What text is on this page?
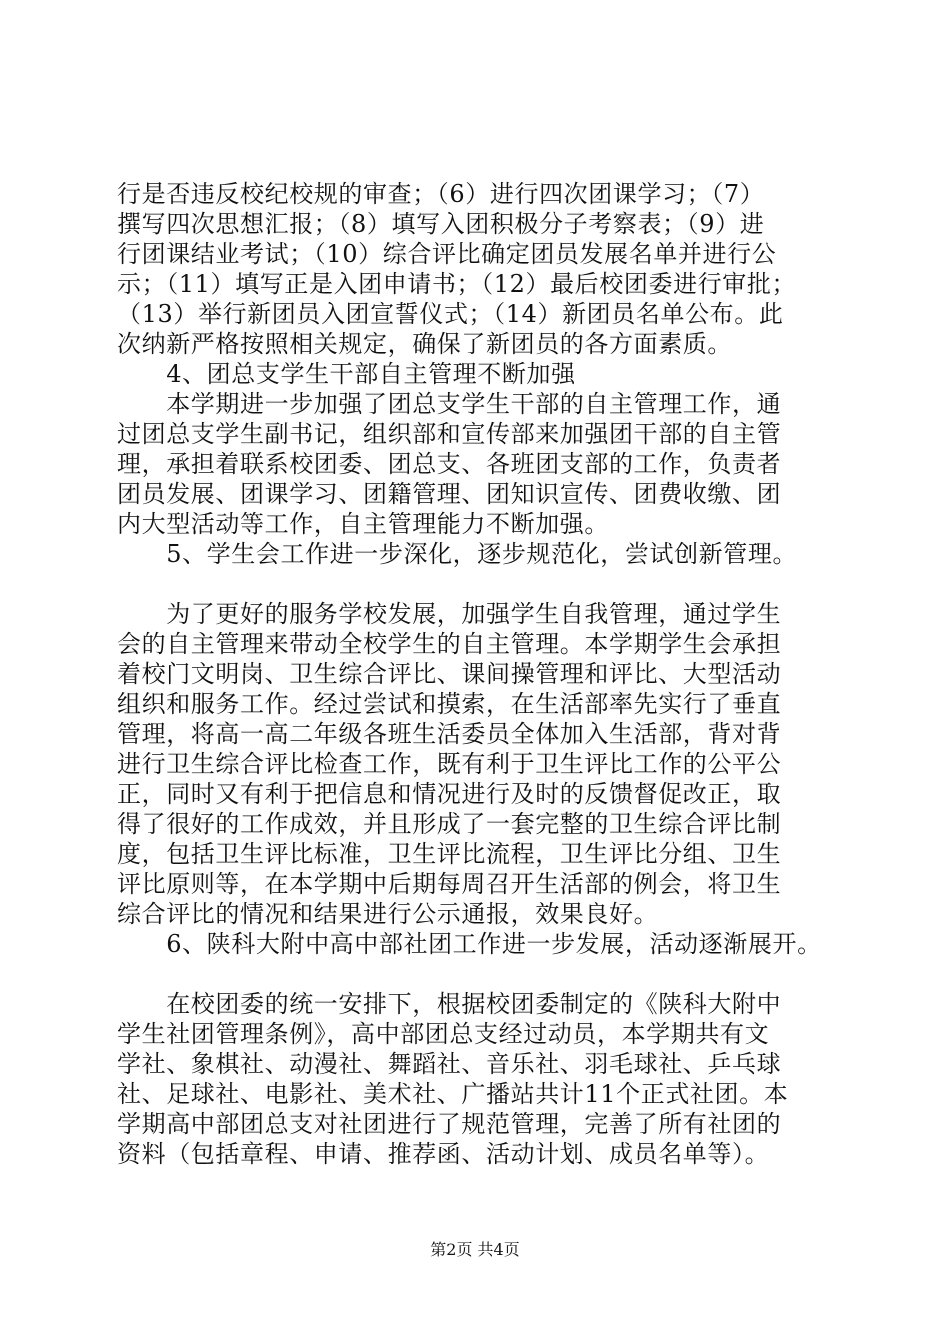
行是否违反校纪校规的审查；（6）进行四次团课学习；（7）
撰写四次思想汇报；（8）填写入团积极分子考察表；（9）进
行团课结业考试；（10）综合评比确定团员发展名单并进行公
示；（11）填写正是入团申请书；（12）最后校团委进行审批；
（13）举行新团员入团宣誓仪式；（14）新团员名单公布。此
次纳新严格按照相关规定，确保了新团员的各方面素质。
　　4、团总支学生干部自主管理不断加强
　　本学期进一步加强了团总支学生干部的自主管理工作，通
过团总支学生副书记，组织部和宣传部来加强团干部的自主管
理，承担着联系校团委、团总支、各班团支部的工作，负责者
团员发展、团课学习、团籍管理、团知识宣传、团费收缴、团
内大型活动等工作，自主管理能力不断加强。
　　5、学生会工作进一步深化，逐步规范化，尝试创新管理。
　　为了更好的服务学校发展，加强学生自我管理，通过学生
会的自主管理来带动全校学生的自主管理。本学期学生会承担
着校门文明岗、卫生综合评比、课间操管理和评比、大型活动
组织和服务工作。经过尝试和摸索，在生活部率先实行了垂直
管理，将高一高二年级各班生活委员全体加入生活部，背对背
进行卫生综合评比检查工作，既有利于卫生评比工作的公平公
正，同时又有利于把信息和情况进行及时的反馈督促改正，取
得了很好的工作成效，并且形成了一套完整的卫生综合评比制
度，包括卫生评比标准，卫生评比流程，卫生评比分组、卫生
评比原则等，在本学期中后期每周召开生活部的例会，将卫生
综合评比的情况和结果进行公示通报，效果良好。
　　6、陕科大附中高中部社团工作进一步发展，活动逐渐展开。
　　在校团委的统一安排下，根据校团委制定的《陕科大附中
学生社团管理条例》，高中部团总支经过动员，本学期共有文
学社、象棋社、动漫社、舞蹈社、音乐社、羽毛球社、乒乓球
社、足球社、电影社、美术社、广播站共计11个正式社团。本
学期高中部团总支对社团进行了规范管理，完善了所有社团的
资料（包括章程、申请、推荐函、活动计划、成员名单等）。
第2页 共4页
